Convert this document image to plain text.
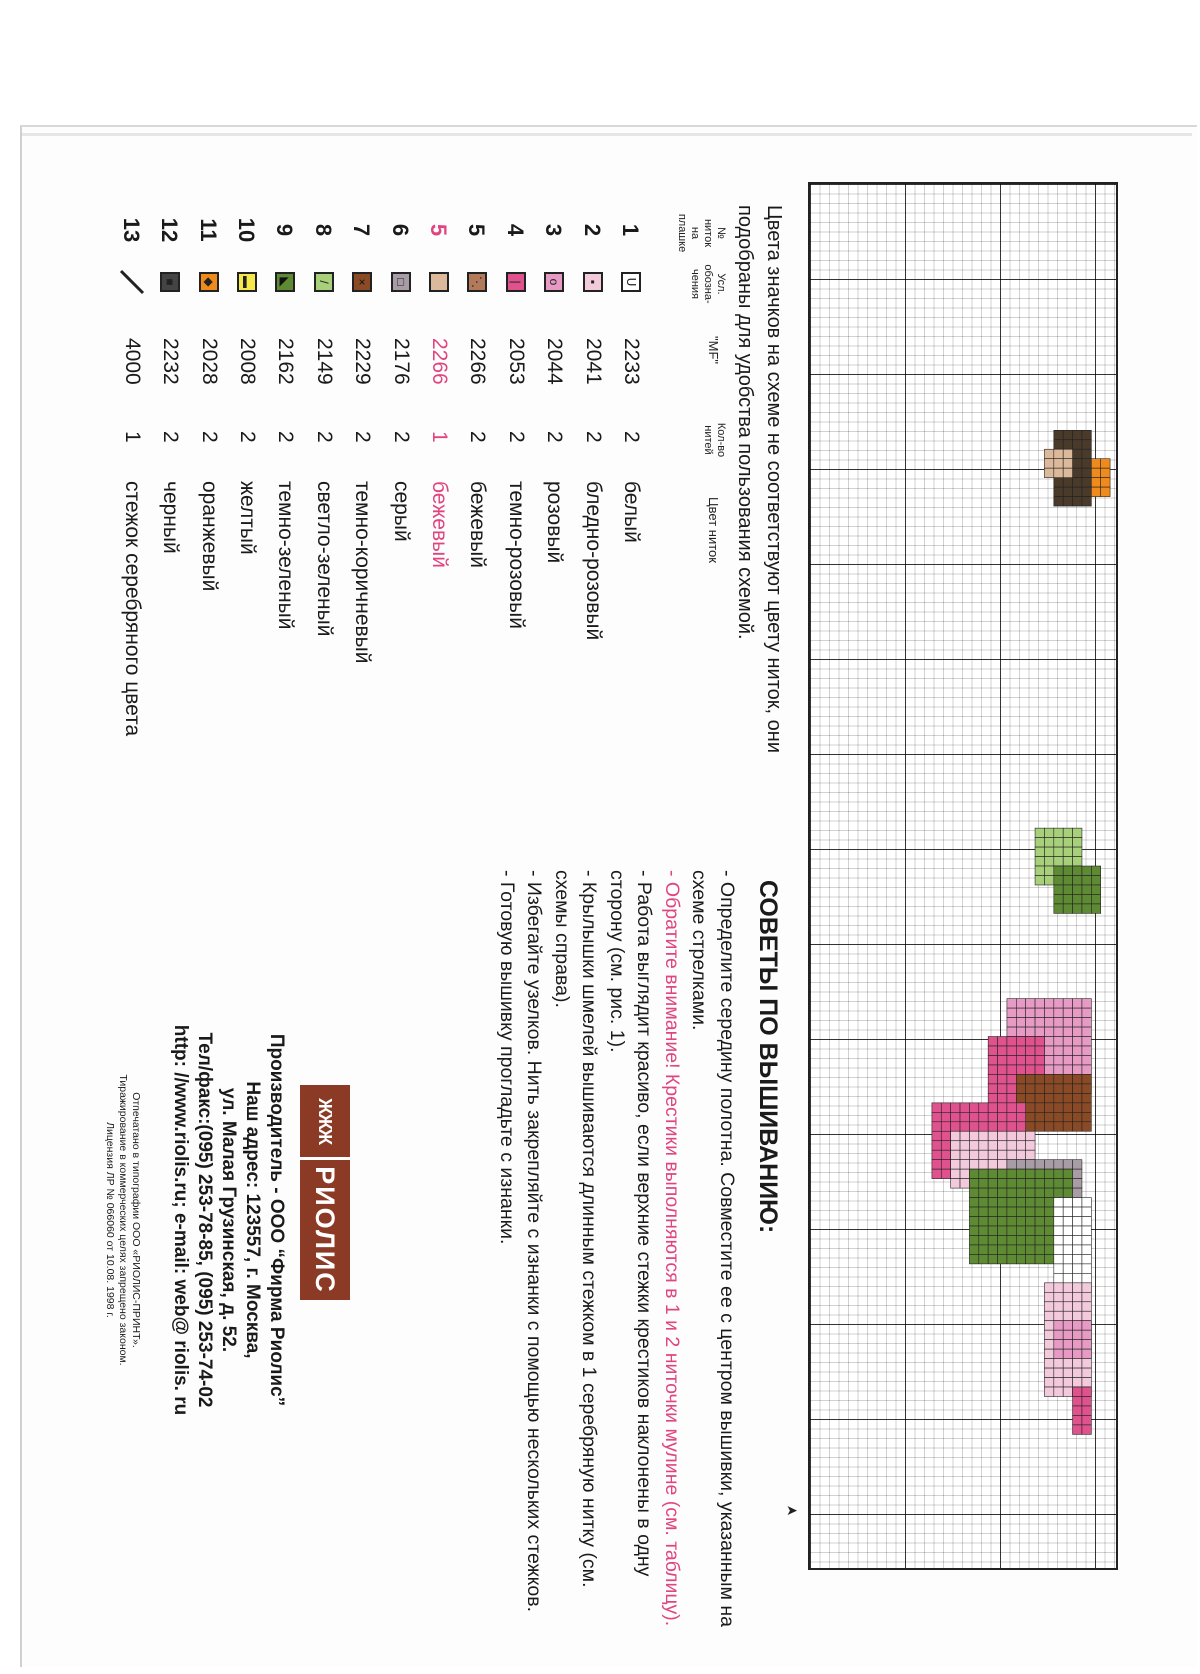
➤
Цвета значков на схеме не соответствуют цвету ниток, они подобраны для удобства пользования схемой.
№ ниток на плашке
Усл. обозна-чения
"MF"
Кол-во нитей
Цвет ниток
1
ᑌ
2233
2
белый
2
▪
2041
2
бледно-розовый
3
o
2044
2
розовый
4
|
2053
2
темно-розовый
5
⋱
2266
2
бежевый
5
2266
1
бежевый
6
□
2176
2
серый
7
×
2229
2
темно-коричневый
8
/
2149
2
светло-зеленый
9
◣
2162
2
темно-зеленый
10
▬
2008
2
желтый
11
◆
2028
2
оранжевый
12
■
2232
2
черный
13
4000
1
стежок серебряного цвета
СОВЕТЫ ПО ВЫШИВАНИЮ:
- Определите середину полотна. Совместите ее с центром вышивки, указанным на схеме стрелками.
- Обратите внимание! Крестики выполняются в 1 и 2 ниточки мулине (см. таблицу).
- Работа выглядит красиво, если верхние стежки крестиков наклонены в одну сторону (см. рис. 1).
- Крылышки шмелей вышиваются длинным стежком в 1 серебряную нитку (см. схемы справа).
- Избегайте узелков. Нить закрепляйте с изнанки с помощью нескольких стежков.
- Готовую вышивку прогладьте с изнанки.
ЖЖЖ
РИОЛИС
Производитель - ООО “Фирма Риолис”
Наш адрес: 123557, г. Москва,
ул. Малая Грузинская, д. 52.
Тел/факс:(095) 253-78-85, (095) 253-74-02
http: //www.riolis.ru; e-mail: web@ riolis. ru
Отпечатано в типографии ООО «РИОЛИС-ПРИНТ».
Тиражирование в коммерческих целях запрещено законом.
Лицензия ЛР № 066060 от 10.08. 1998 г.
